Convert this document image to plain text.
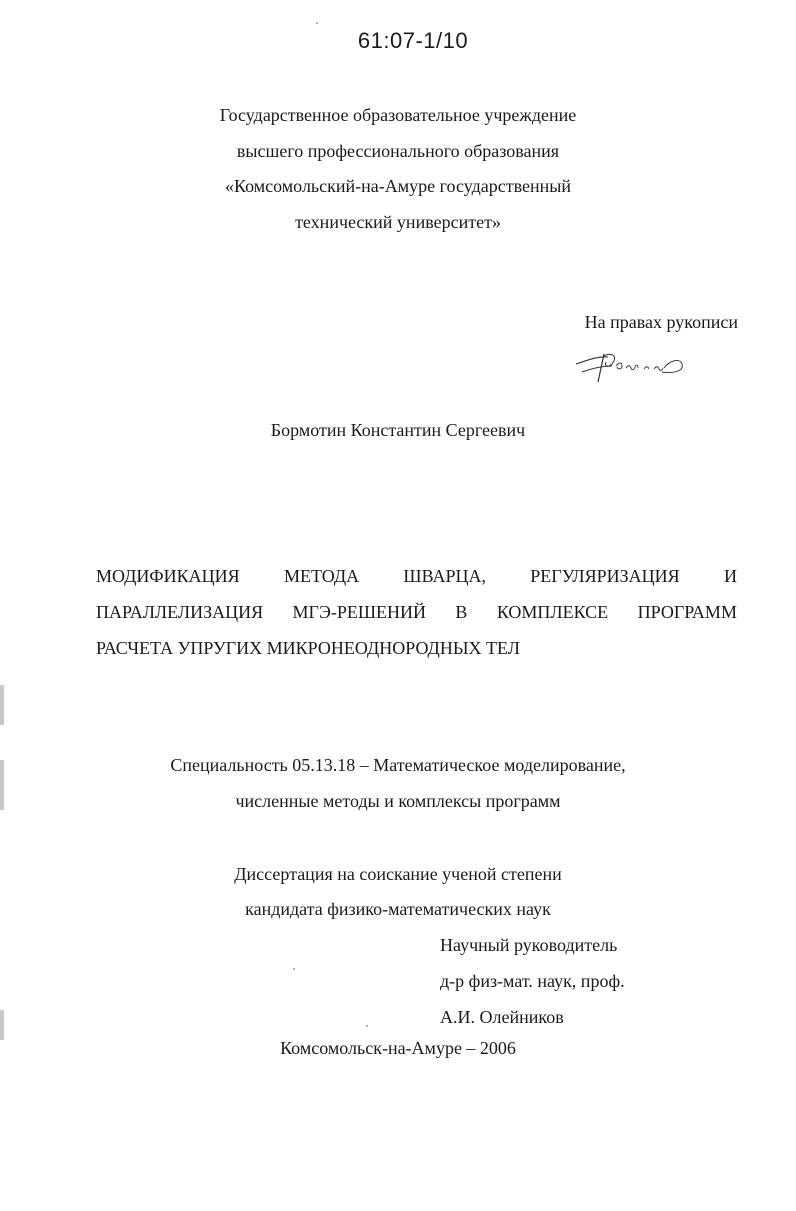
61:07-1/10
Государственное образовательное учреждение
высшего профессионального образования
«Комсомольский-на-Амуре государственный
технический университет»
На правах рукописи
Бормотин Константин Сергеевич
МОДИФИКАЦИЯ МЕТОДА ШВАРЦА, РЕГУЛЯРИЗАЦИЯ И
ПАРАЛЛЕЛИЗАЦИЯ МГЭ-РЕШЕНИЙ В КОМПЛЕКСЕ ПРОГРАММ
РАСЧЕТА УПРУГИХ МИКРОНЕОДНОРОДНЫХ ТЕЛ
Специальность 05.13.18 – Математическое моделирование,
численные методы и комплексы программ
Диссертация на соискание ученой степени
кандидата физико-математических наук
Научный руководитель
д-р физ-мат. наук, проф.
А.И. Олейников
Комсомольск-на-Амуре – 2006
